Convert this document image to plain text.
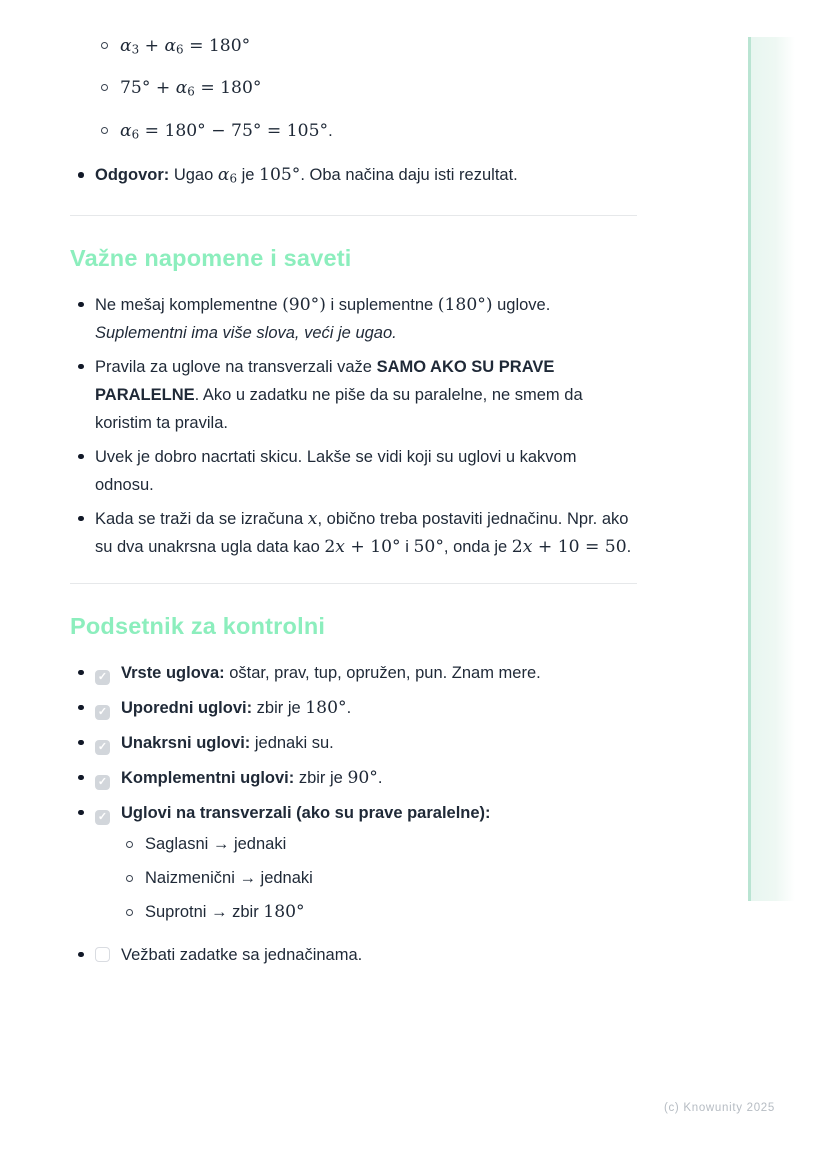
α3 + α6 = 180°
75° + α6 = 180°
α6 = 180° − 75° = 105°.
Odgovor: Ugao α6 je 105°. Oba načina daju isti rezultat.
Važne napomene i saveti
Ne mešaj komplementne (90°) i suplementne (180°) uglove. Suplementni ima više slova, veći je ugao.
Pravila za uglove na transverzali važe SAMO AKO SU PRAVE PARALELNE. Ako u zadatku ne piše da su paralelne, ne smem da koristim ta pravila.
Uvek je dobro nacrtati skicu. Lakše se vidi koji su uglovi u kakvom odnosu.
Kada se traži da se izračuna x, obično treba postaviti jednačinu. Npr. ako su dva unakrsna ugla data kao 2x + 10° i 50°, onda je 2x + 10 = 50.
Podsetnik za kontrolni
✓Vrste uglova: oštar, prav, tup, opružen, pun. Znam mere.
✓Uporedni uglovi: zbir je 180°.
✓Unakrsni uglovi: jednaki su.
✓Komplementni uglovi: zbir je 90°.
✓Uglovi na transverzali (ako su prave paralelne):
Saglasni → jednaki
Naizmenični → jednaki
Suprotni → zbir 180°
Vežbati zadatke sa jednačinama.
(c) Knowunity 2025
